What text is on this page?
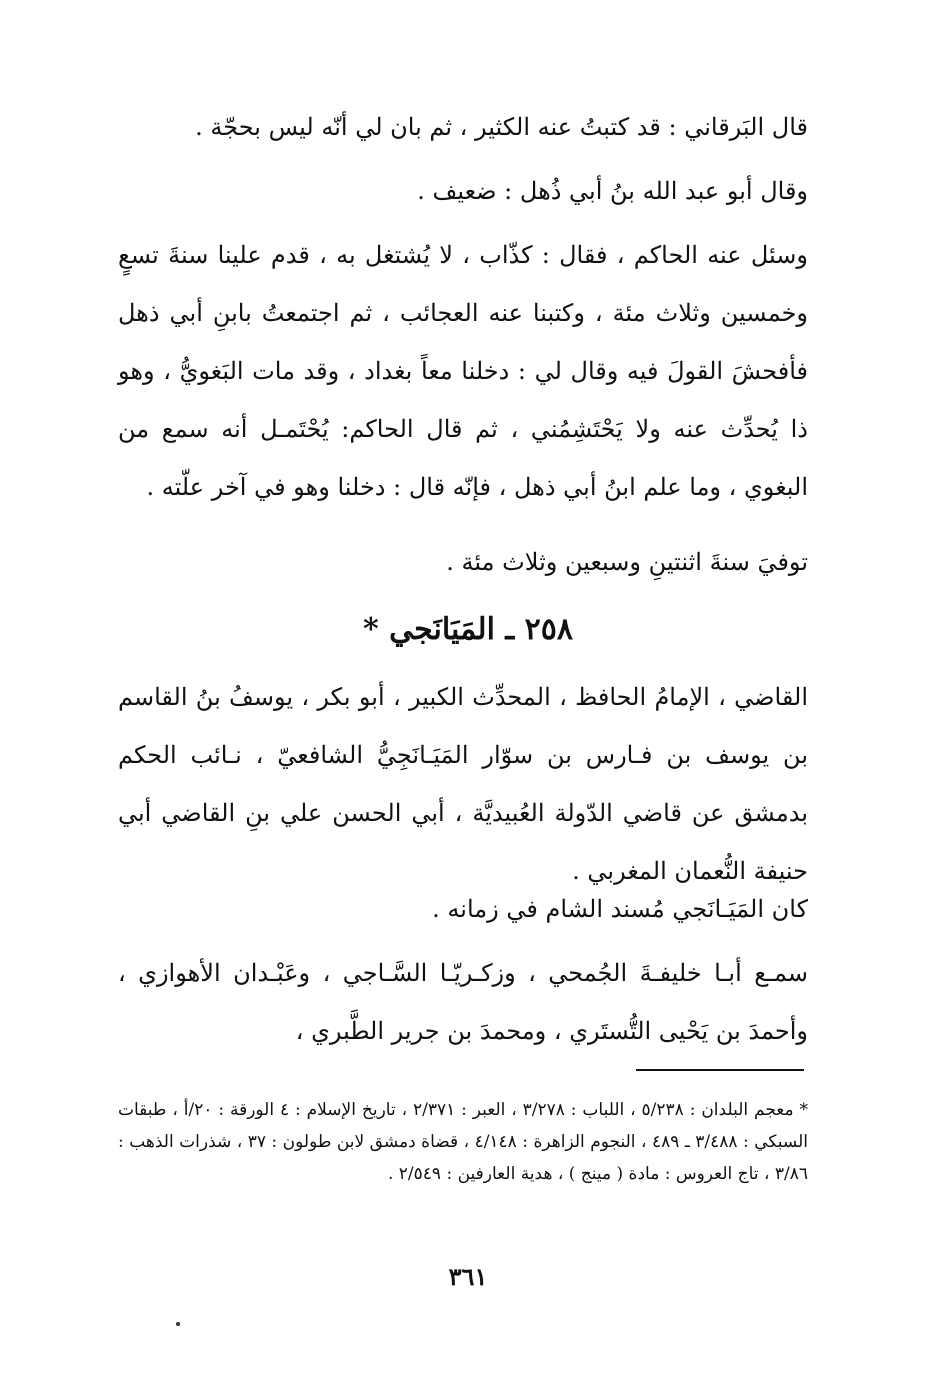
قال البَرقاني : قد كتبتُ عنه الكثير ، ثم بان لي أنّه ليس بحجّة .

وقال أبو عبد الله بنُ أبي ذُهل : ضعيف .

وسئل عنه الحاكم ، فقال : كذّاب ، لا يُشتغل به ، قدم علينا سنةَ تسعٍ وخمسين وثلاث مئة ، وكتبنا عنه العجائب ، ثم اجتمعتُ بابنِ أبي ذهل فأفحشَ القولَ فيه وقال لي : دخلنا معاً بغداد ، وقد مات البَغويُّ ، وهو ذا يُحدِّث عنه ولا يَحْتَشِمُني ، ثم قال الحاكم: يُحْتَمـل أنه سمع من البغوي ، وما علم ابنُ أبي ذهل ، فإنّه قال : دخلنا وهو في آخر علّته .

توفيَ سنةَ اثنتينِ وسبعين وثلاث مئة .

٢٥٨ ـ المَيَانَجي *

القاضي ، الإمامُ الحافظ ، المحدِّث الكبير ، أبو بكر ، يوسفُ بنُ القاسم بن يوسف بن فـارس بن سوّار المَيَـانَجِيُّ الشافعيّ ، نـائب الحكم بدمشق عن قاضي الدّولة العُبيديَّة ، أبي الحسن علي بنِ القاضي أبي حنيفة النُّعمان المغربي .

كان المَيَـانَجي مُسند الشام في زمانه .

سمـع أبـا خليفـةَ الجُمحي ، وزكـريّـا السَّـاجي ، وعَبْـدان الأهوازي ، وأحمدَ بن يَحْيى التُّستَري ، ومحمدَ بن جرير الطَّبري ،

* معجم البلدان : ٥/٢٣٨ ، اللباب : ٣/٢٧٨ ، العبر : ٢/٣٧١ ، تاريخ الإسلام : ٤ الورقة : ٢٠/أ ، طبقات السبكي : ٣/٤٨٨ ـ ٤٨٩ ، النجوم الزاهرة : ٤/١٤٨ ، قضاة دمشق لابن طولون : ٣٧ ، شذرات الذهب : ٣/٨٦ ، تاج العروس : مادة ( مينج ) ، هدية العارفين : ٢/٥٤٩ .

٣٦١
